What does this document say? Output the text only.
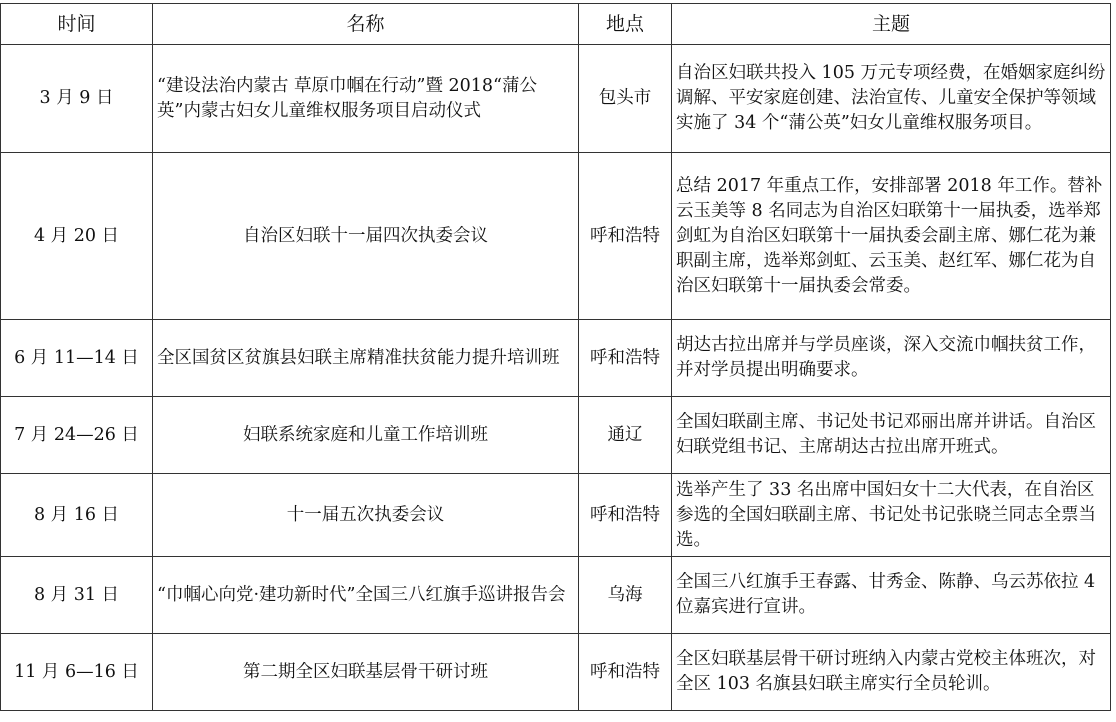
时间	名称	地点	主题
3 月 9 日	“建设法治内蒙古 草原巾帼在行动”暨 2018“蒲公英”内蒙古妇女儿童维权服务项目启动仪式	包头市	自治区妇联共投入 105 万元专项经费，在婚姻家庭纠纷调解、平安家庭创建、法治宣传、儿童安全保护等领域实施了 34 个“蒲公英”妇女儿童维权服务项目。
4 月 20 日	自治区妇联十一届四次执委会议	呼和浩特	总结 2017 年重点工作，安排部署 2018 年工作。替补云玉美等 8 名同志为自治区妇联第十一届执委，选举郑剑虹为自治区妇联第十一届执委会副主席、娜仁花为兼职副主席，选举郑剑虹、云玉美、赵红军、娜仁花为自治区妇联第十一届执委会常委。
6 月 11—14 日	全区国贫区贫旗县妇联主席精准扶贫能力提升培训班	呼和浩特	胡达古拉出席并与学员座谈，深入交流巾帼扶贫工作，并对学员提出明确要求。
7 月 24—26 日	妇联系统家庭和儿童工作培训班	通辽	全国妇联副主席、书记处书记邓丽出席并讲话。自治区妇联党组书记、主席胡达古拉出席开班式。
8 月 16 日	十一届五次执委会议	呼和浩特	选举产生了 33 名出席中国妇女十二大代表，在自治区参选的全国妇联副主席、书记处书记张晓兰同志全票当选。
8 月 31 日	“巾帼心向党·建功新时代”全国三八红旗手巡讲报告会	乌海	全国三八红旗手王春露、甘秀金、陈静、乌云苏依拉 4 位嘉宾进行宣讲。
11 月 6—16 日	第二期全区妇联基层骨干研讨班	呼和浩特	全区妇联基层骨干研讨班纳入内蒙古党校主体班次，对全区 103 名旗县妇联主席实行全员轮训。
